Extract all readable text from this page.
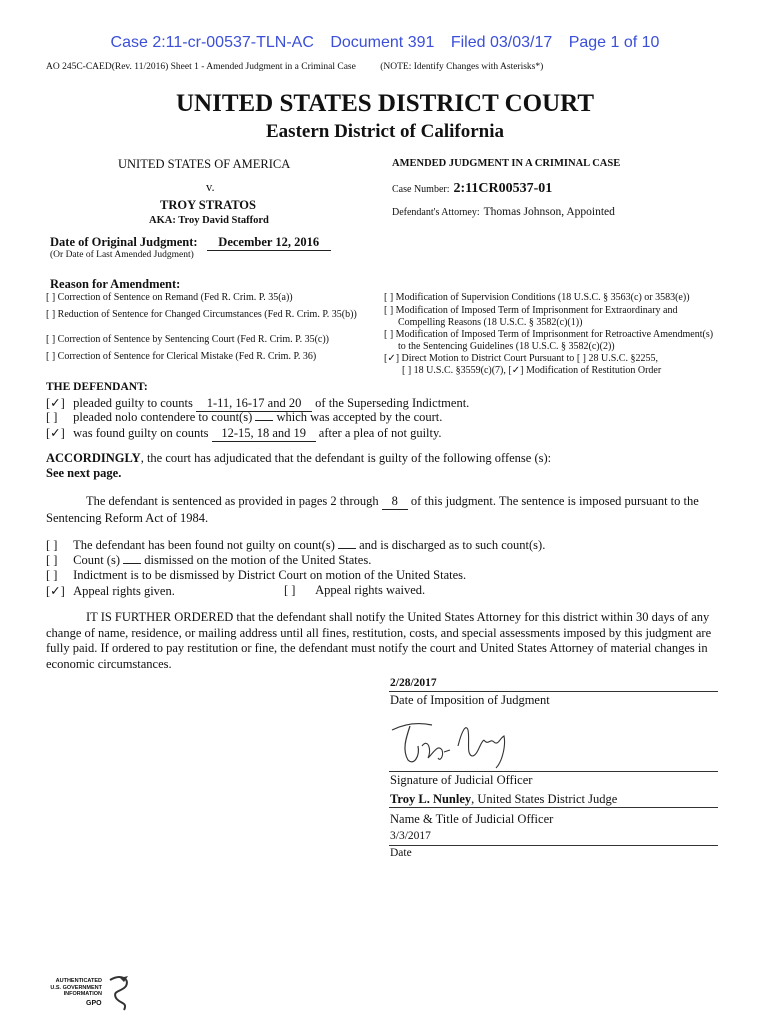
Case 2:11-cr-00537-TLN-AC Document 391 Filed 03/03/17 Page 1 of 10
AO 245C-CAED(Rev. 11/2016) Sheet 1 - Amended Judgment in a Criminal Case	(NOTE: Identify Changes with Asterisks*)
UNITED STATES DISTRICT COURT
Eastern District of California
UNITED STATES OF AMERICA
v.
TROY STRATOS
AKA: Troy David Stafford
AMENDED JUDGMENT IN A CRIMINAL CASE
Case Number: 2:11CR00537-01
Defendant's Attorney: Thomas Johnson, Appointed
Date of Original Judgment: December 12, 2016
(Or Date of Last Amended Judgment)
Reason for Amendment:
[ ] Correction of Sentence on Remand (Fed R. Crim. P. 35(a))
[ ] Reduction of Sentence for Changed Circumstances (Fed R. Crim. P. 35(b))
[ ] Correction of Sentence by Sentencing Court (Fed R. Crim. P. 35(c))
[ ] Correction of Sentence for Clerical Mistake (Fed R. Crim. P. 36)
[ ] Modification of Supervision Conditions (18 U.S.C. § 3563(c) or 3583(e))
[ ] Modification of Imposed Term of Imprisonment for Extraordinary and
Compelling Reasons (18 U.S.C. § 3582(c)(1))
[ ] Modification of Imposed Term of Imprisonment for Retroactive Amendment(s)
to the Sentencing Guidelines (18 U.S.C. § 3582(c)(2))
[✓] Direct Motion to District Court Pursuant to [ ] 28 U.S.C. §2255,
[ ] 18 U.S.C. §3559(c)(7), [✓] Modification of Restitution Order
THE DEFENDANT:
[✓] pleaded guilty to counts 1-11, 16-17 and 20 of the Superseding Indictment.
[ ] pleaded nolo contendere to count(s) which was accepted by the court.
[✓] was found guilty on counts 12-15, 18 and 19 after a plea of not guilty.
ACCORDINGLY, the court has adjudicated that the defendant is guilty of the following offense (s):
See next page.
The defendant is sentenced as provided in pages 2 through 8 of this judgment. The sentence is imposed pursuant to the
Sentencing Reform Act of 1984.
[ ] The defendant has been found not guilty on count(s) and is discharged as to such count(s).
[ ] Count (s) dismissed on the motion of the United States.
[ ] Indictment is to be dismissed by District Court on motion of the United States.
[✓] Appeal rights given.	[ ] Appeal rights waived.
IT IS FURTHER ORDERED that the defendant shall notify the United States Attorney for this district within 30 days of any change of name, residence, or mailing address until all fines, restitution, costs, and special assessments imposed by this judgment are fully paid. If ordered to pay restitution or fine, the defendant must notify the court and United States Attorney of material changes in economic circumstances.
2/28/2017
Date of Imposition of Judgment
Signature of Judicial Officer
Troy L. Nunley, United States District Judge
Name & Title of Judicial Officer
3/3/2017
Date
AUTHENTICATED
U.S. GOVERNMENT
INFORMATION
GPO
